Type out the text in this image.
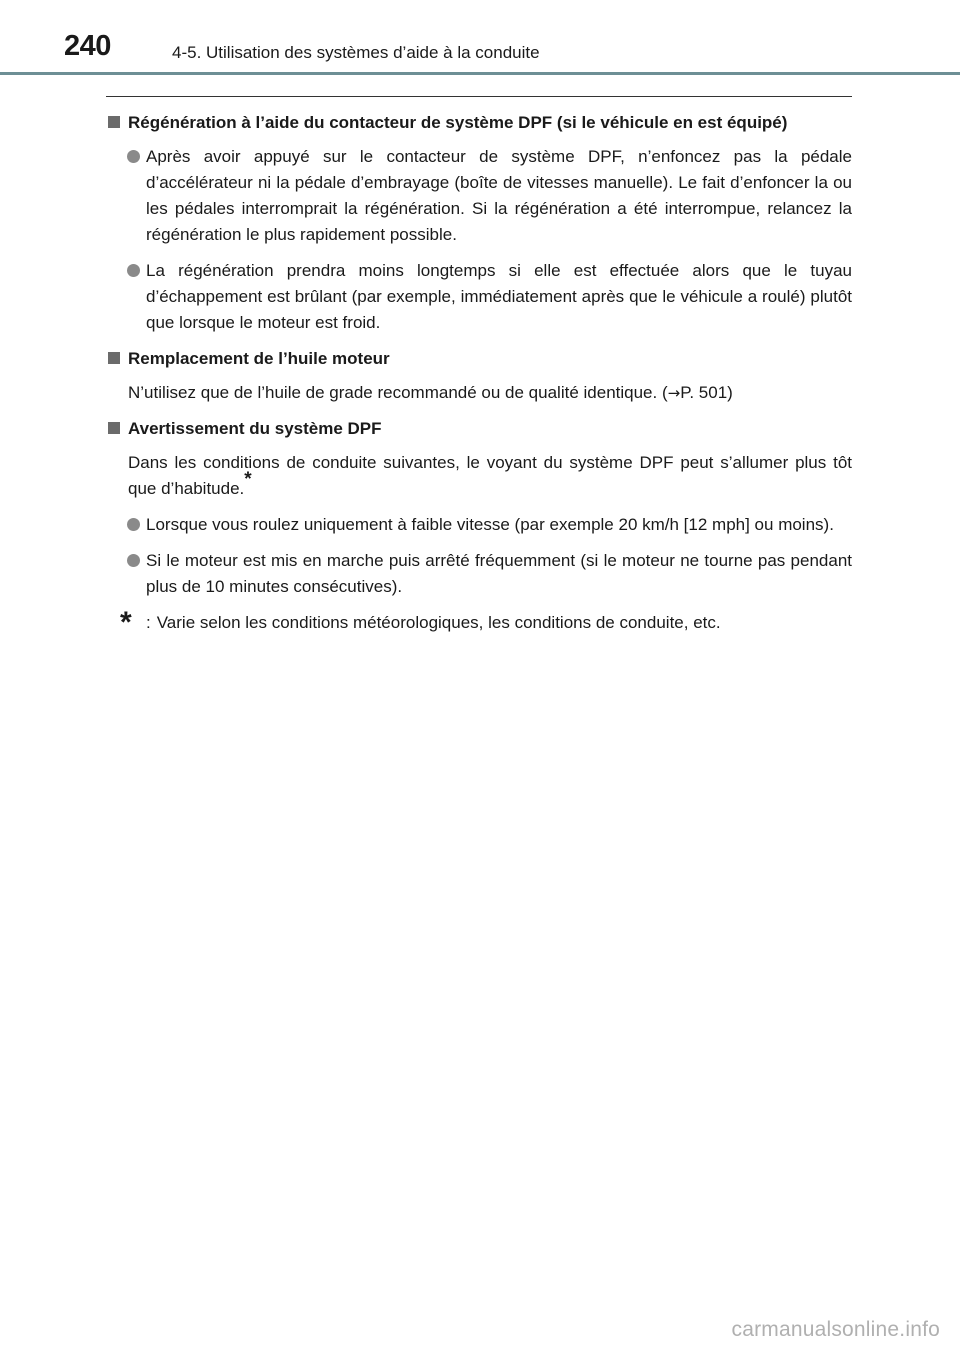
240	4-5. Utilisation des systèmes d’aide à la conduite
Régénération à l’aide du contacteur de système DPF (si le véhicule en est équipé)
Après avoir appuyé sur le contacteur de système DPF, n’enfoncez pas la pédale d’accélérateur ni la pédale d’embrayage (boîte de vitesses manuelle). Le fait d’enfoncer la ou les pédales interromprait la régénération. Si la régénération a été interrompue, relancez la régénération le plus rapidement possible.
La régénération prendra moins longtemps si elle est effectuée alors que le tuyau d’échappement est brûlant (par exemple, immédiatement après que le véhicule a roulé) plutôt que lorsque le moteur est froid.
Remplacement de l’huile moteur
N’utilisez que de l’huile de grade recommandé ou de qualité identique. (→P. 501)
Avertissement du système DPF
Dans les conditions de conduite suivantes, le voyant du système DPF peut s’allumer plus tôt que d’habitude.*
Lorsque vous roulez uniquement à faible vitesse (par exemple 20 km/h [12 mph] ou moins).
Si le moteur est mis en marche puis arrêté fréquemment (si le moteur ne tourne pas pendant plus de 10 minutes consécutives).
* : Varie selon les conditions météorologiques, les conditions de conduite, etc.
carmanualsonline.info
